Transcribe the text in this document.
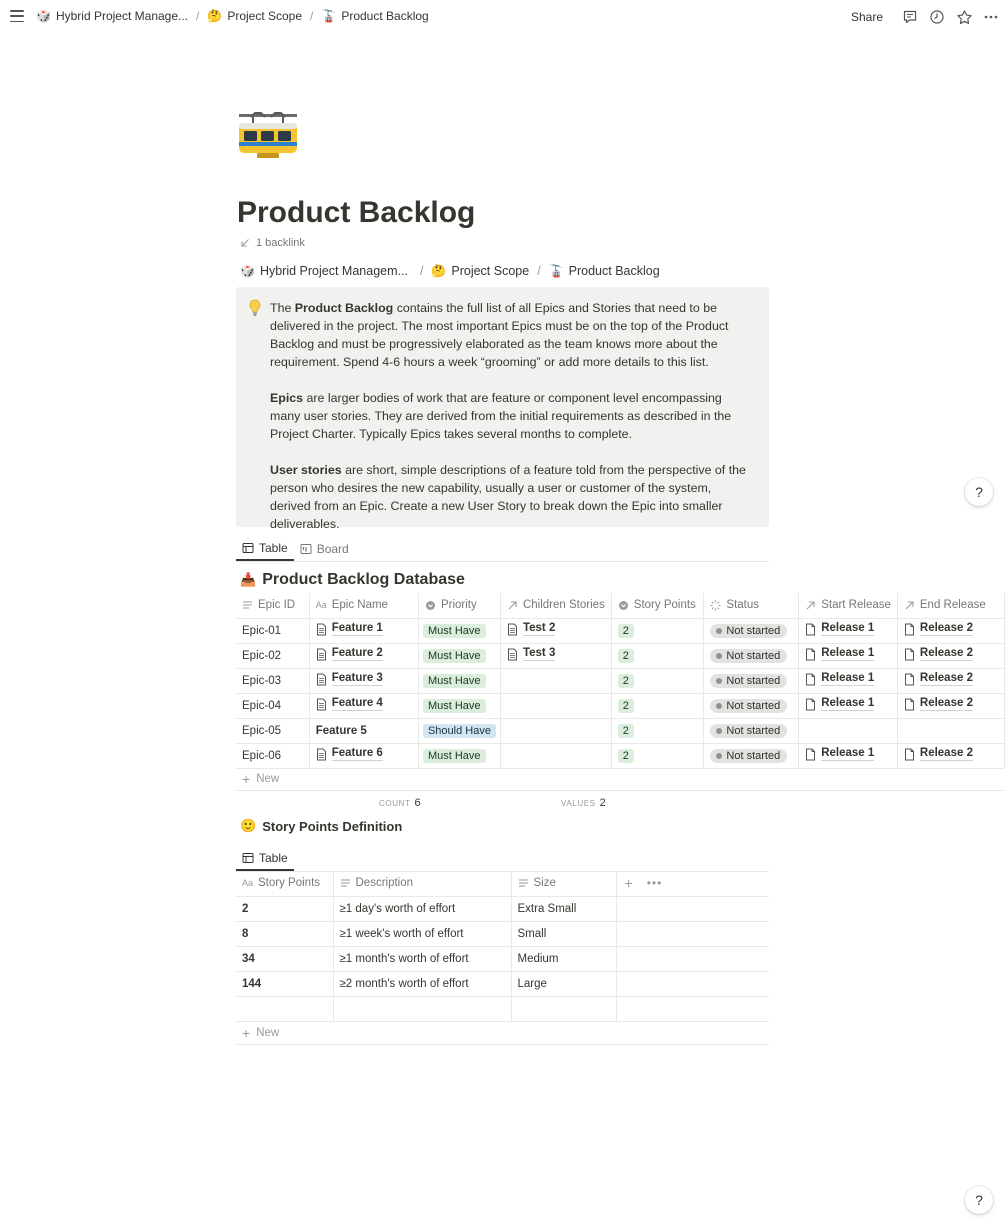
🎲 Hybrid Project Manage... / 🤔 Project Scope / 🚡 Product Backlog	Share
Product Backlog
1 backlink
🎲 Hybrid Project Managem... / 🤔 Project Scope / 🚡 Product Backlog

The Product Backlog contains the full list of all Epics and Stories that need to be delivered in the project. The most important Epics must be on the top of the Product Backlog and must be progressively elaborated as the team knows more about the requirement. Spend 4-6 hours a week “grooming” or add more details to this list.

Epics are larger bodies of work that are feature or component level encompassing many user stories. They are derived from the initial requirements as described in the Project Charter. Typically Epics takes several months to complete.

User stories are short, simple descriptions of a feature told from the perspective of the person who desires the new capability, usually a user or customer of the system, derived from an Epic. Create a new User Story to break down the Epic into smaller deliverables.

?
Table Board
📥 Product Backlog Database
Epic ID	Aa Epic Name	Priority	Children Stories	Story Points	Status	Start Release	End Release

Epic-01	Feature 1	Must Have	Test 2	2	Not started	Release 1	Release 2

Epic-02	Feature 2	Must Have	Test 3	2	Not started	Release 1	Release 2

Epic-03	Feature 3	Must Have		2	Not started	Release 1	Release 2

Epic-04	Feature 4	Must Have		2	Not started	Release 1	Release 2

Epic-05	Feature 5	Should Have		2	Not started		

Epic-06	Feature 6	Must Have		2	Not started	Release 1	Release 2
+ New
COUNT 6	VALUES 2
🙂 Story Points Definition
Table
Aa Story Points	Description	Size	+ •••

2	≥1 day's worth of effort	Extra Small	
8	≥1 week's worth of effort	Small	
34	≥1 month's worth of effort	Medium	
144	≥2 month's worth of effort	Large	

+ New
?
